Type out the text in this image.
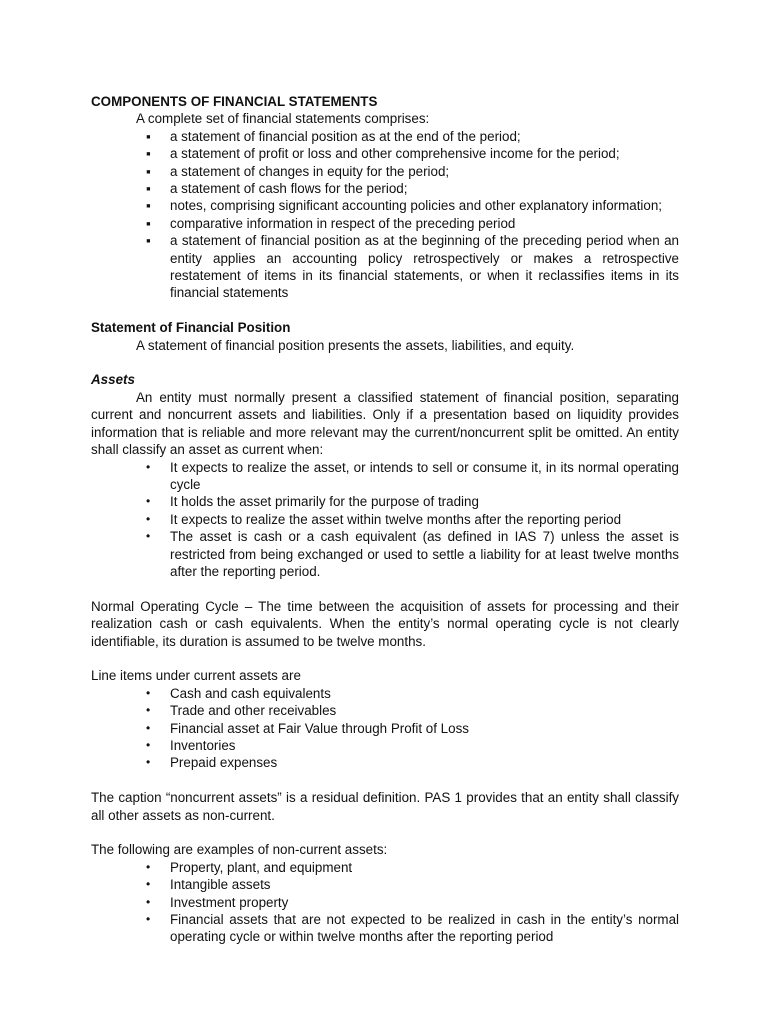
COMPONENTS OF FINANCIAL STATEMENTS

A complete set of financial statements comprises:

▪	a statement of financial position as at the end of the period;
▪	a statement of profit or loss and other comprehensive income for the period;
▪	a statement of changes in equity for the period;
▪	a statement of cash flows for the period;
▪	notes, comprising significant accounting policies and other explanatory information;
▪	comparative information in respect of the preceding period
▪	a statement of financial position as at the beginning of the preceding period when an entity applies an accounting policy retrospectively or makes a retrospective restatement of items in its financial statements, or when it reclassifies items in its financial statements

Statement of Financial Position

A statement of financial position presents the assets, liabilities, and equity.

Assets

An entity must normally present a classified statement of financial position, separating current and noncurrent assets and liabilities. Only if a presentation based on liquidity provides information that is reliable and more relevant may the current/noncurrent split be omitted. An entity shall classify an asset as current when:

•	It expects to realize the asset, or intends to sell or consume it, in its normal operating cycle
•	It holds the asset primarily for the purpose of trading
•	It expects to realize the asset within twelve months after the reporting period
•	The asset is cash or a cash equivalent (as defined in IAS 7) unless the asset is restricted from being exchanged or used to settle a liability for at least twelve months after the reporting period.

Normal Operating Cycle – The time between the acquisition of assets for processing and their realization cash or cash equivalents. When the entity’s normal operating cycle is not clearly identifiable, its duration is assumed to be twelve months.

Line items under current assets are

•	Cash and cash equivalents
•	Trade and other receivables
•	Financial asset at Fair Value through Profit of Loss
•	Inventories
•	Prepaid expenses

The caption “noncurrent assets” is a residual definition. PAS 1 provides that an entity shall classify all other assets as non-current.

The following are examples of non-current assets:

•	Property, plant, and equipment
•	Intangible assets
•	Investment property
•	Financial assets that are not expected to be realized in cash in the entity’s normal operating cycle or within twelve months after the reporting period
